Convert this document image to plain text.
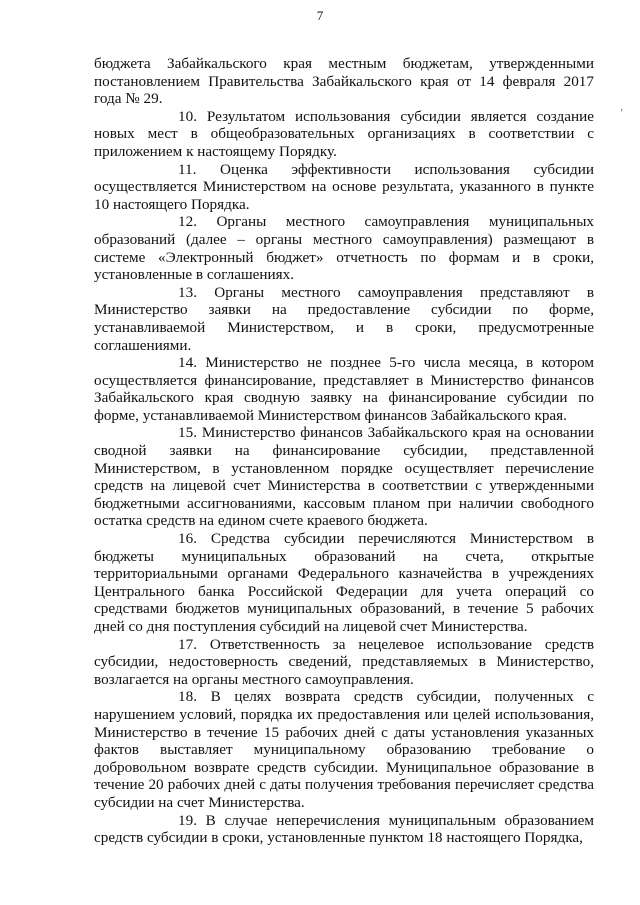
7
’

бюджета Забайкальского края местным бюджетам, утвержденными постановлением Правительства Забайкальского края от 14 февраля 2017 года № 29.

10. Результатом использования субсидии является создание новых мест в общеобразовательных организациях в соответствии с приложением к настоящему Порядку.

11. Оценка эффективности использования субсидии осуществляется Министерством на основе результата, указанного в пункте 10 настоящего Порядка.

12. Органы местного самоуправления муниципальных образований (далее – органы местного самоуправления) размещают в системе «Электронный бюджет» отчетность по формам и в сроки, установленные в соглашениях.

13. Органы местного самоуправления представляют в Министерство заявки на предоставление субсидии по форме, устанавливаемой Министерством, и в сроки, предусмотренные соглашениями.

14. Министерство не позднее 5-го числа месяца, в котором осуществляется финансирование, представляет в Министерство финансов Забайкальского края сводную заявку на финансирование субсидии по форме, устанавливаемой Министерством финансов Забайкальского края.

15. Министерство финансов Забайкальского края на основании сводной заявки на финансирование субсидии, представленной Министерством, в установленном порядке осуществляет перечисление средств на лицевой счет Министерства в соответствии с утвержденными бюджетными ассигнованиями, кассовым планом при наличии свободного остатка средств на едином счете краевого бюджета.

16. Средства субсидии перечисляются Министерством в бюджеты муниципальных образований на счета, открытые территориальными органами Федерального казначейства в учреждениях Центрального банка Российской Федерации для учета операций со средствами бюджетов муниципальных образований, в течение 5 рабочих дней со дня поступления субсидий на лицевой счет Министерства.

17. Ответственность за нецелевое использование средств субсидии, недостоверность сведений, представляемых в Министерство, возлагается на органы местного самоуправления.

18. В целях возврата средств субсидии, полученных с нарушением условий, порядка их предоставления или целей использования, Министерство в течение 15 рабочих дней с даты установления указанных фактов выставляет муниципальному образованию требование о добровольном возврате средств субсидии. Муниципальное образование в течение 20 рабочих дней с даты получения требования перечисляет средства субсидии на счет Министерства.

19. В случае неперечисления муниципальным образованием средств субсидии в сроки, установленные пунктом 18 настоящего Порядка,
